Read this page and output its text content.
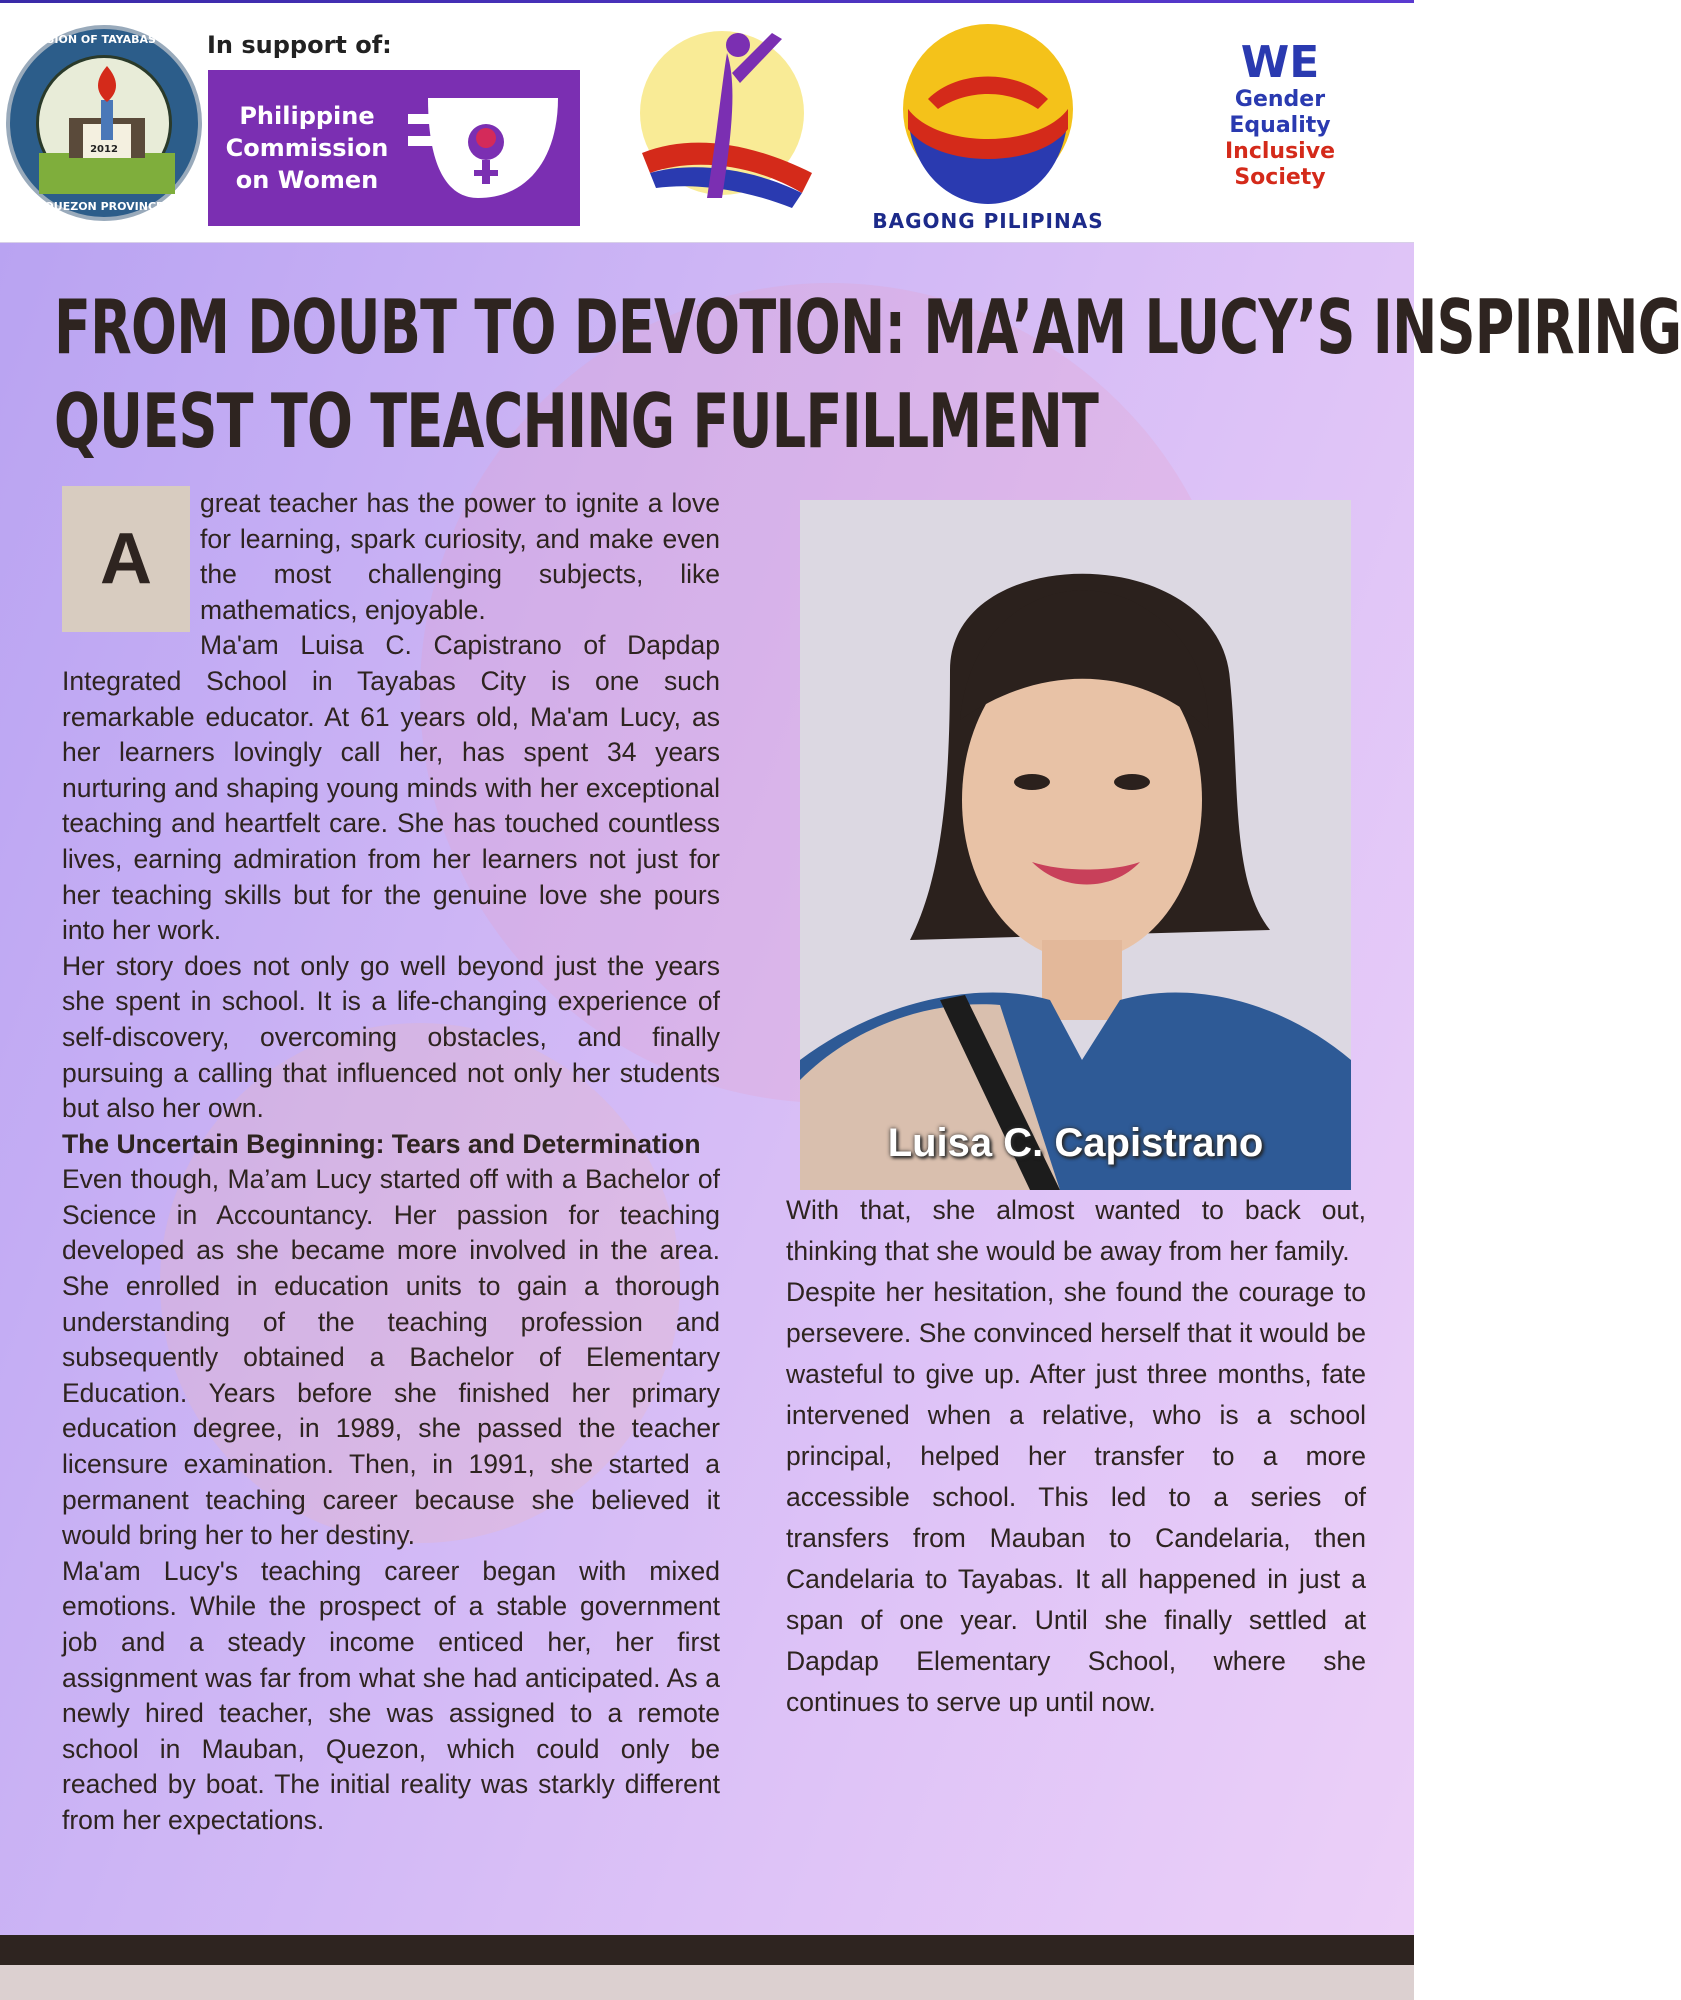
DIVISION OF TAYABAS CITY
2012
QUEZON PROVINCE
In support of:
Philippine
Commission
on Women
BAGONG PILIPINAS
WE
Gender
Equality
Inclusive
Society
FROM DOUBT TO DEVOTION: MA’AM LUCY’S INSPIRING
QUEST TO TEACHING FULFILLMENT
A

great teacher has the power to ignite a love for learning, spark curiosity, and make even the most challenging subjects, like mathematics, enjoyable.

Ma'am Luisa C. Capistrano of Dapdap Integrated School in Tayabas City is one such remarkable educator. At 61 years old, Ma'am Lucy, as her learners lovingly call her, has spent 34 years nurturing and shaping young minds with her exceptional teaching and heartfelt care. She has touched countless lives, earning admiration from her learners not just for her teaching skills but for the genuine love she pours into her work.

Her story does not only go well beyond just the years she spent in school. It is a life-changing experience of self-discovery, overcoming obstacles, and finally pursuing a calling that influenced not only her students but also her own.

The Uncertain Beginning: Tears and Determination

Even though, Ma’am Lucy started off with a Bachelor of Science in Accountancy. Her passion for teaching developed as she became more involved in the area. She enrolled in education units to gain a thorough understanding of the teaching profession and subsequently obtained a Bachelor of Elementary Education. Years before she finished her primary education degree, in 1989, she passed the teacher licensure examination. Then, in 1991, she started a permanent teaching career because she believed it would bring her to her destiny.

Ma'am Lucy's teaching career began with mixed emotions. While the prospect of a stable government job and a steady income enticed her, her first assignment was far from what she had anticipated. As a newly hired teacher, she was assigned to a remote school in Mauban, Quezon, which could only be reached by boat. The initial reality was starkly different from her expectations.

Luisa C. Capistrano

With that, she almost wanted to back out, thinking that she would be away from her family.

Despite her hesitation, she found the courage to persevere. She convinced herself that it would be wasteful to give up. After just three months, fate intervened when a relative, who is a school principal, helped her transfer to a more accessible school. This led to a series of transfers from Mauban to Candelaria, then Candelaria to Tayabas. It all happened in just a span of one year. Until she finally settled at Dapdap Elementary School, where she continues to serve up until now.
